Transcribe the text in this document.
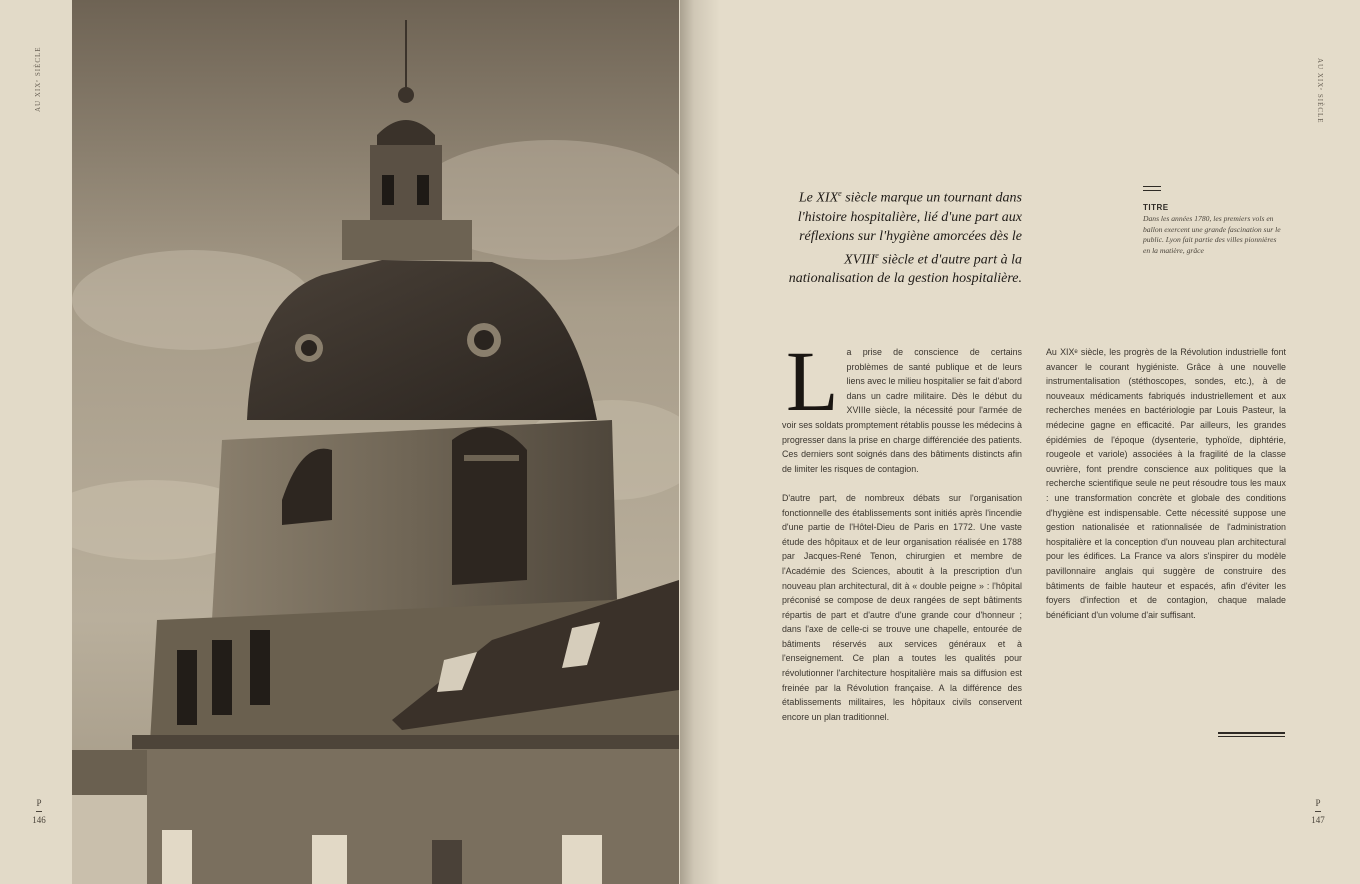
AU XIXᵉ SIÈCLE	AU XIXᵉ SIÈCLE
Le XIXe siècle marque un tournant dans l'histoire hospitalière, lié d'une part aux réflexions sur l'hygiène amorcées dès le XVIIIe siècle et d'autre part à la nationalisation de la gestion hospitalière.
TITRE
Dans les années 1780, les premiers vols en ballon exercent une grande fascination sur le public. Lyon fait partie des villes pionnières en la matière, grâce

La prise de conscience de certains problèmes de santé publique et de leurs liens avec le milieu hospitalier se fait d'abord dans un cadre militaire. Dès le début du XVIIIe siècle, la nécessité pour l'armée de voir ses soldats promptement rétablis pousse les médecins à progresser dans la prise en charge différenciée des patients. Ces derniers sont soignés dans des bâtiments distincts afin de limiter les risques de contagion.

D'autre part, de nombreux débats sur l'organisation fonctionnelle des établissements sont initiés après l'incendie d'une partie de l'Hôtel-Dieu de Paris en 1772. Une vaste étude des hôpitaux et de leur organisation réalisée en 1788 par Jacques-René Tenon, chirurgien et membre de l'Académie des Sciences, aboutit à la prescription d'un nouveau plan architectural, dit à « double peigne » : l'hôpital préconisé se compose de deux rangées de sept bâtiments répartis de part et d'autre d'une grande cour d'honneur ; dans l'axe de celle-ci se trouve une chapelle, entourée de bâtiments réservés aux services généraux et à l'enseignement. Ce plan a toutes les qualités pour révolutionner l'architecture hospitalière mais sa diffusion est freinée par la Révolution française. A la différence des établissements militaires, les hôpitaux civils conservent encore un plan traditionnel.

Au XIXᵉ siècle, les progrès de la Révolution industrielle font avancer le courant hygiéniste. Grâce à une nouvelle instrumentalisation (stéthoscopes, sondes, etc.), à de nouveaux médicaments fabriqués industriellement et aux recherches menées en bactériologie par Louis Pasteur, la médecine gagne en efficacité. Par ailleurs, les grandes épidémies de l'époque (dysenterie, typhoïde, diphtérie, rougeole et variole) associées à la fragilité de la classe ouvrière, font prendre conscience aux politiques que la recherche scientifique seule ne peut résoudre tous les maux : une transformation concrète et globale des conditions d'hygiène est indispensable. Cette nécessité suppose une gestion nationalisée et rationnalisée de l'administration hospitalière et la conception d'un nouveau plan architectural pour les édifices. La France va alors s'inspirer du modèle pavillonnaire anglais qui suggère de construire des bâtiments de faible hauteur et espacés, afin d'éviter les foyers d'infection et de contagion, chaque malade bénéficiant d'un volume d'air suffisant.

P
146
P
147
